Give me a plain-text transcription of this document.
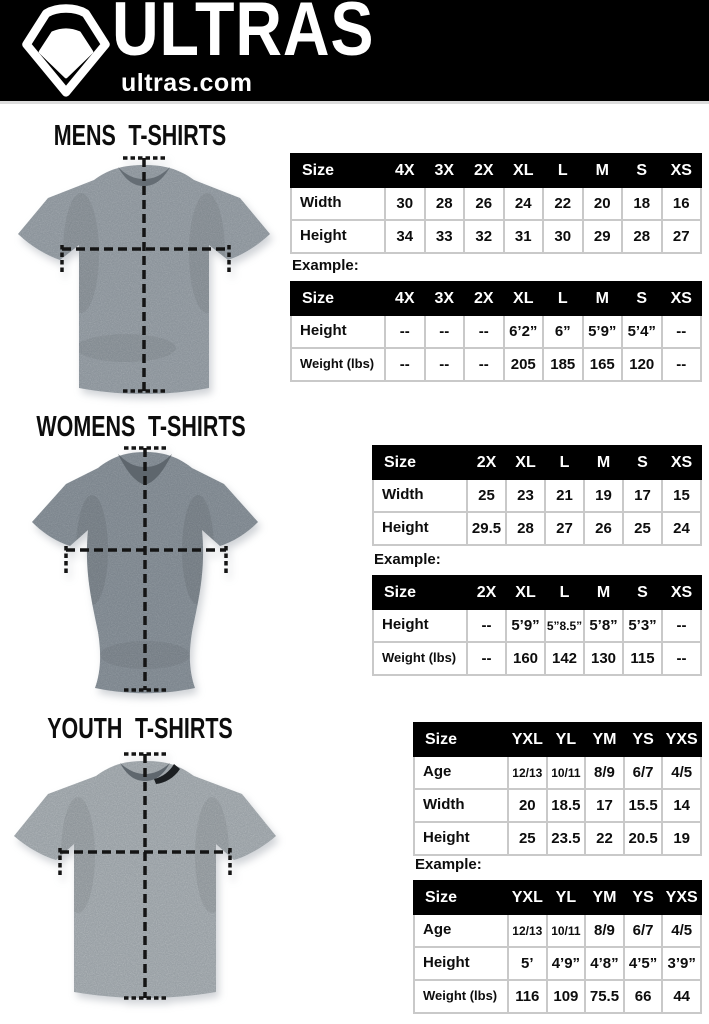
ULTRAS
ultras.com
MENS T-SHIRTS
Size	4X	3X	2X	XL	L	M	S	XS
Width	30	28	26	24	22	20	18	16
Height	34	33	32	31	30	29	28	27
Example:
Size	4X	3X	2X	XL	L	M	S	XS
Height	--	--	--	6’2”	6”	5’9”	5’4”	--
Weight (lbs)	--	--	--	205	185	165	120	--
WOMENS T-SHIRTS
Size	2X	XL	L	M	S	XS
Width	25	23	21	19	17	15
Height	29.5	28	27	26	25	24
Example:
Size	2X	XL	L	M	S	XS
Height	--	5’9”	5”8.5”	5’8”	5’3”	--
Weight (lbs)	--	160	142	130	115	--
YOUTH T-SHIRTS	Size	YXL	YL	YM	YS	YXS
Age	12/13	10/11	8/9	6/7	4/5
Width	20	18.5	17	15.5	14
Height	25	23.5	22	20.5	19
Example:
Size	YXL	YL	YM	YS	YXS
Age	12/13	10/11	8/9	6/7	4/5
Height	5’	4’9”	4’8”	4’5”	3’9”
Weight (lbs)	116	109	75.5	66	44
